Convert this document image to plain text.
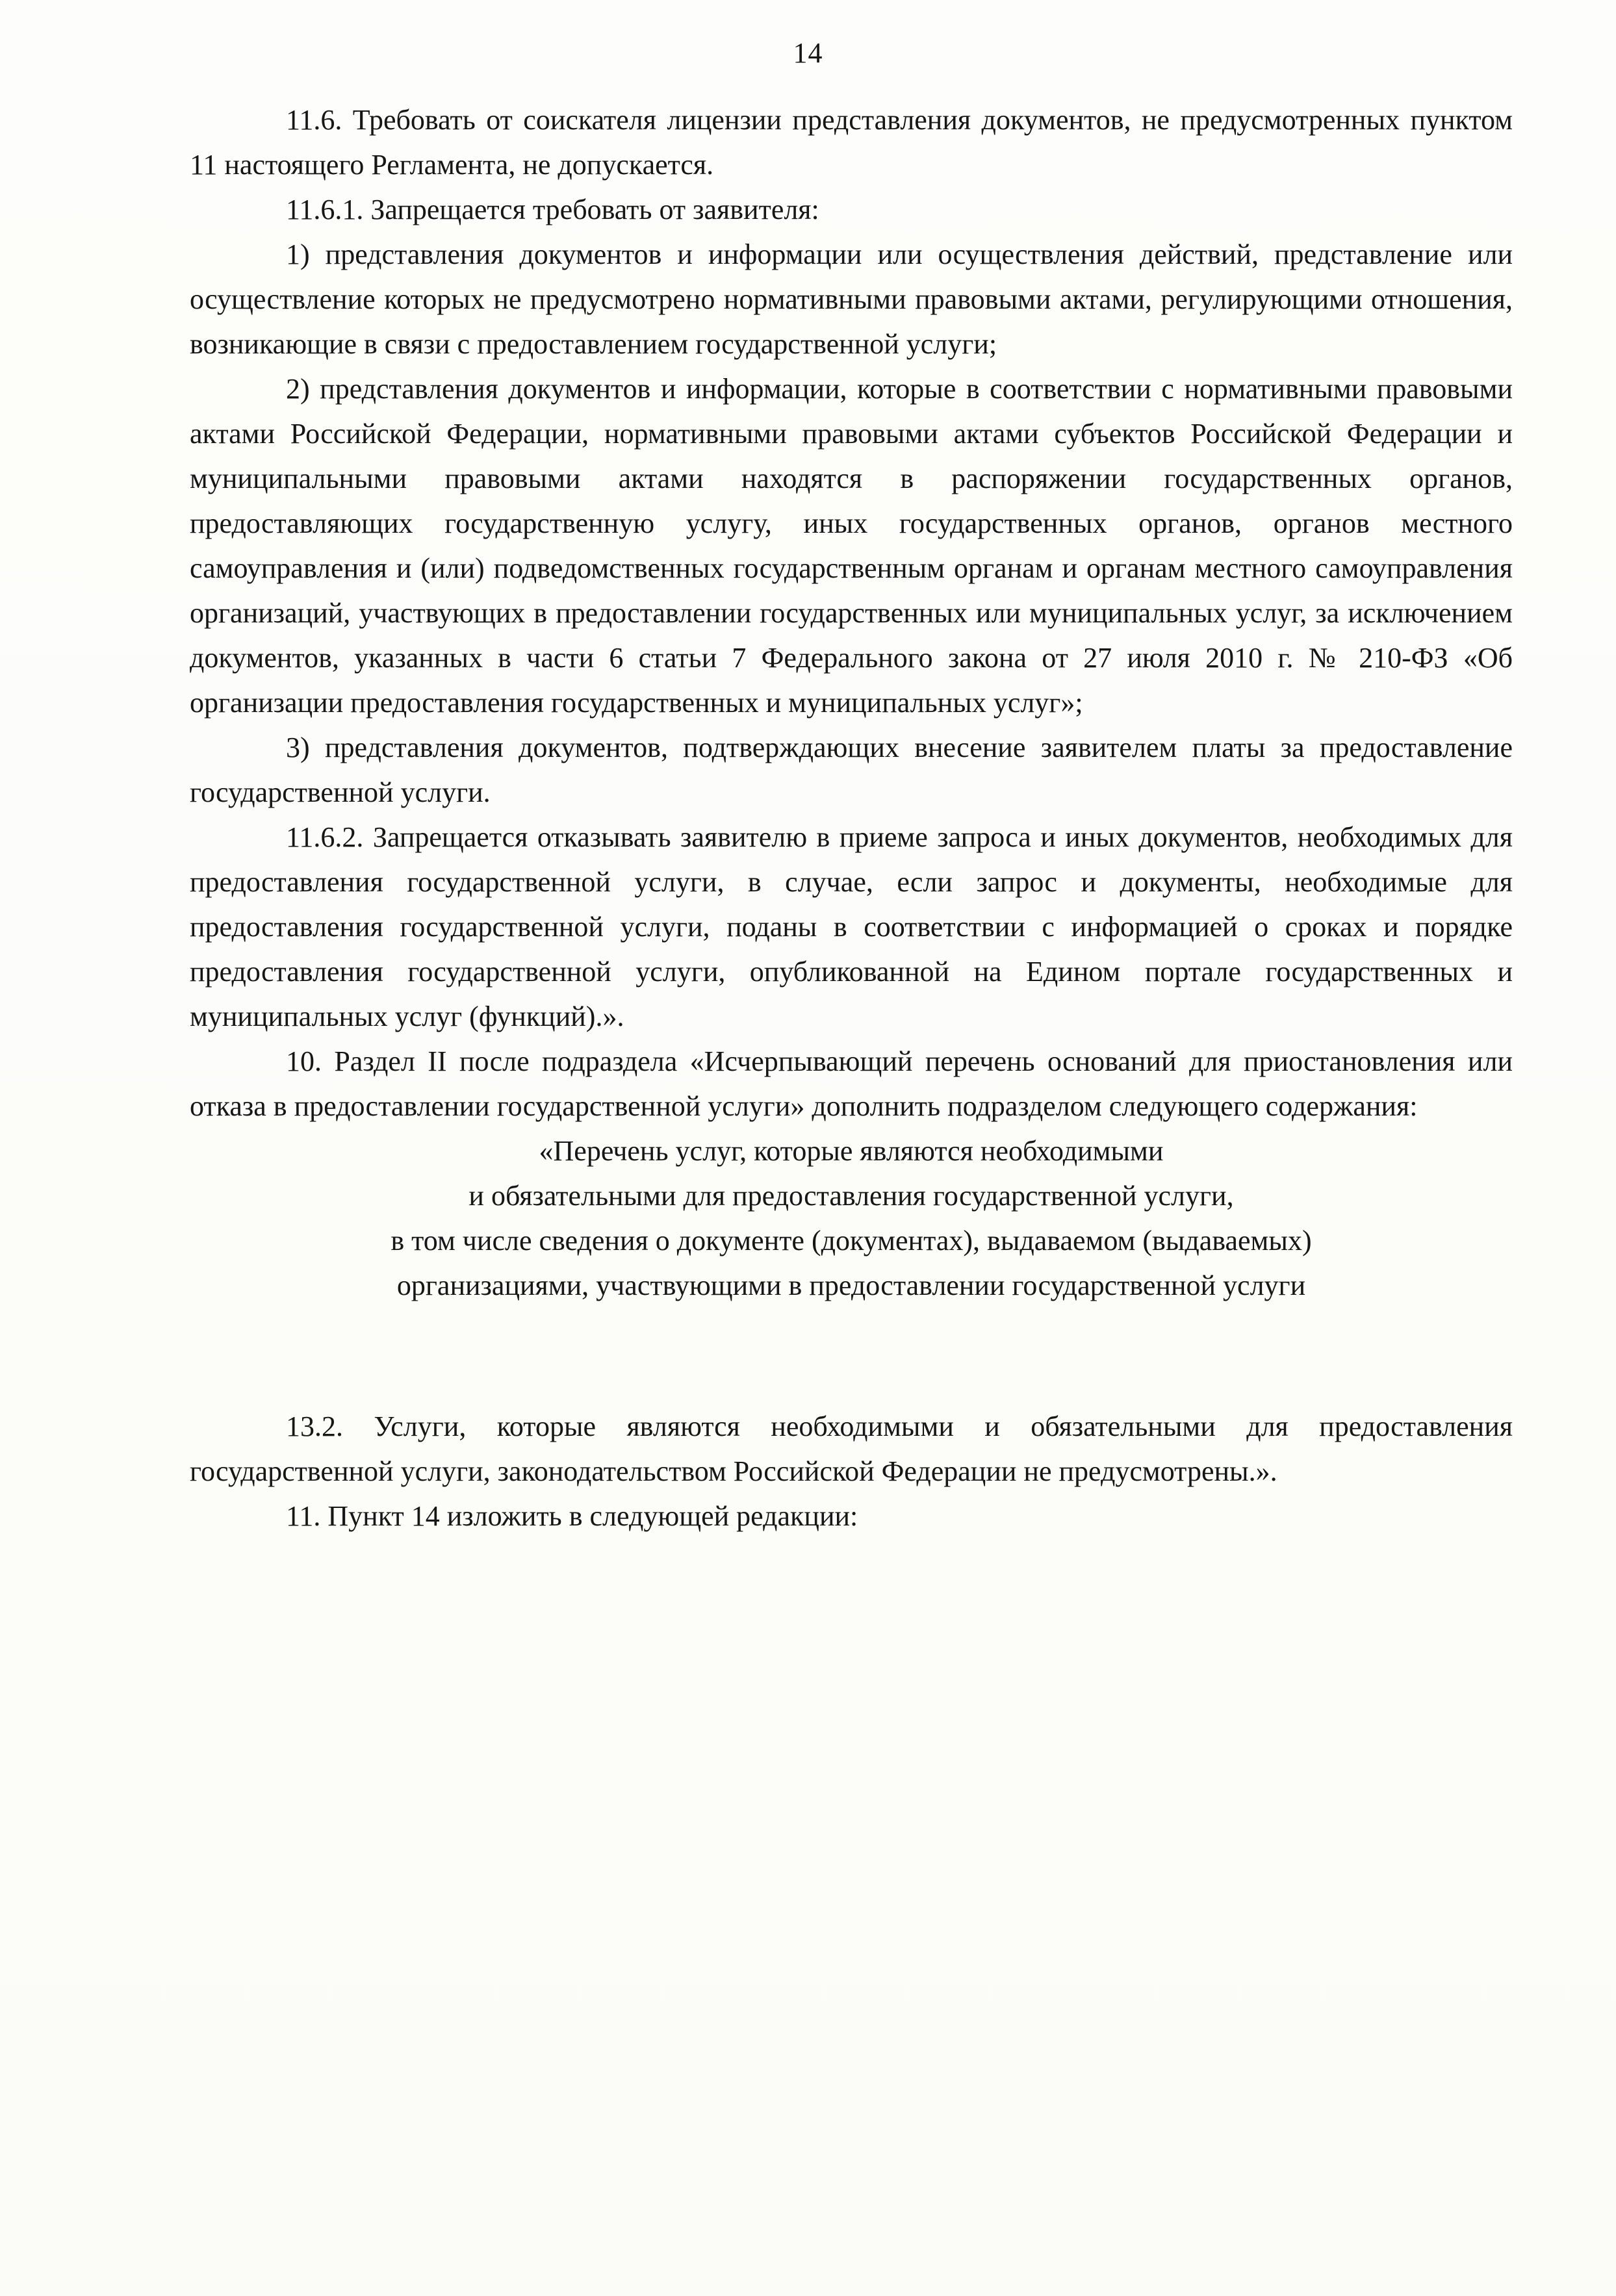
14

11.6. Требовать от соискателя лицензии представления документов, не предусмотренных пунктом 11 настоящего Регламента, не допускается.

11.6.1. Запрещается требовать от заявителя:

1) представления документов и информации или осуществления действий, представление или осуществление которых не предусмотрено нормативными правовыми актами, регулирующими отношения, возникающие в связи с предоставлением государственной услуги;

2) представления документов и информации, которые в соответствии с нормативными правовыми актами Российской Федерации, нормативными правовыми актами субъектов Российской Федерации и муниципальными правовыми актами находятся в распоряжении государственных органов, предоставляющих государственную услугу, иных государственных органов, органов местного самоуправления и (или) подведомственных государственным органам и органам местного самоуправления организаций, участвующих в предоставлении государственных или муниципальных услуг, за исключением документов, указанных в части 6 статьи 7 Федерального закона от 27 июля 2010 г. № 210-ФЗ «Об организации предоставления государственных и муниципальных услуг»;

3) представления документов, подтверждающих внесение заявителем платы за предоставление государственной услуги.

11.6.2. Запрещается отказывать заявителю в приеме запроса и иных документов, необходимых для предоставления государственной услуги, в случае, если запрос и документы, необходимые для предоставления государственной услуги, поданы в соответствии с информацией о сроках и порядке предоставления государственной услуги, опубликованной на Едином портале государственных и муниципальных услуг (функций).».

10. Раздел II после подраздела «Исчерпывающий перечень оснований для приостановления или отказа в предоставлении государственной услуги» дополнить подразделом следующего содержания:

«Перечень услуг, которые являются необходимыми

и обязательными для предоставления государственной услуги,

в том числе сведения о документе (документах), выдаваемом (выдаваемых)

организациями, участвующими в предоставлении государственной услуги

13.2. Услуги, которые являются необходимыми и обязательными для предоставления государственной услуги, законодательством Российской Федерации не предусмотрены.».

11. Пункт 14 изложить в следующей редакции:
